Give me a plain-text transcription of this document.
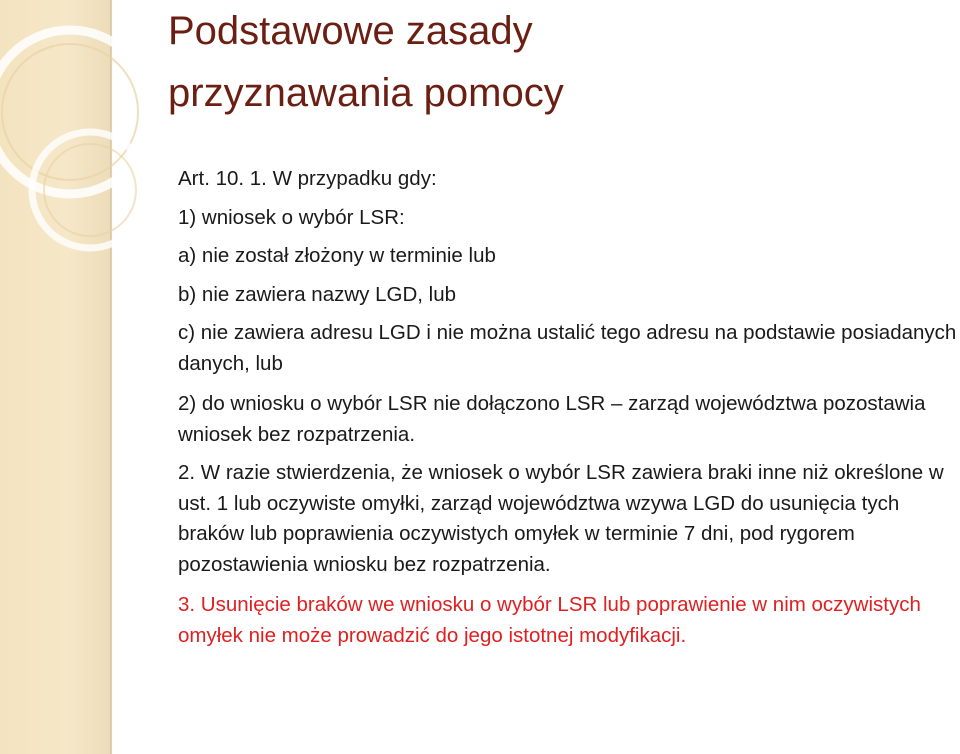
Podstawowe zasady
przyznawania pomocy

Art. 10. 1. W przypadku gdy:

1) wniosek o wybór LSR:

a) nie został złożony w terminie lub

b) nie zawiera nazwy LGD, lub

c) nie zawiera adresu LGD i nie można ustalić tego adresu na podstawie posiadanych danych, lub

2) do wniosku o wybór LSR nie dołączono LSR – zarząd województwa pozostawia wniosek bez rozpatrzenia.

2. W razie stwierdzenia, że wniosek o wybór LSR zawiera braki inne niż określone w ust. 1 lub oczywiste omyłki, zarząd województwa wzywa LGD do usunięcia tych braków lub poprawienia oczywistych omyłek w terminie 7 dni, pod rygorem pozostawienia wniosku bez rozpatrzenia.

3. Usunięcie braków we wniosku o wybór LSR lub poprawienie w nim oczywistych omyłek nie może prowadzić do jego istotnej modyfikacji.
